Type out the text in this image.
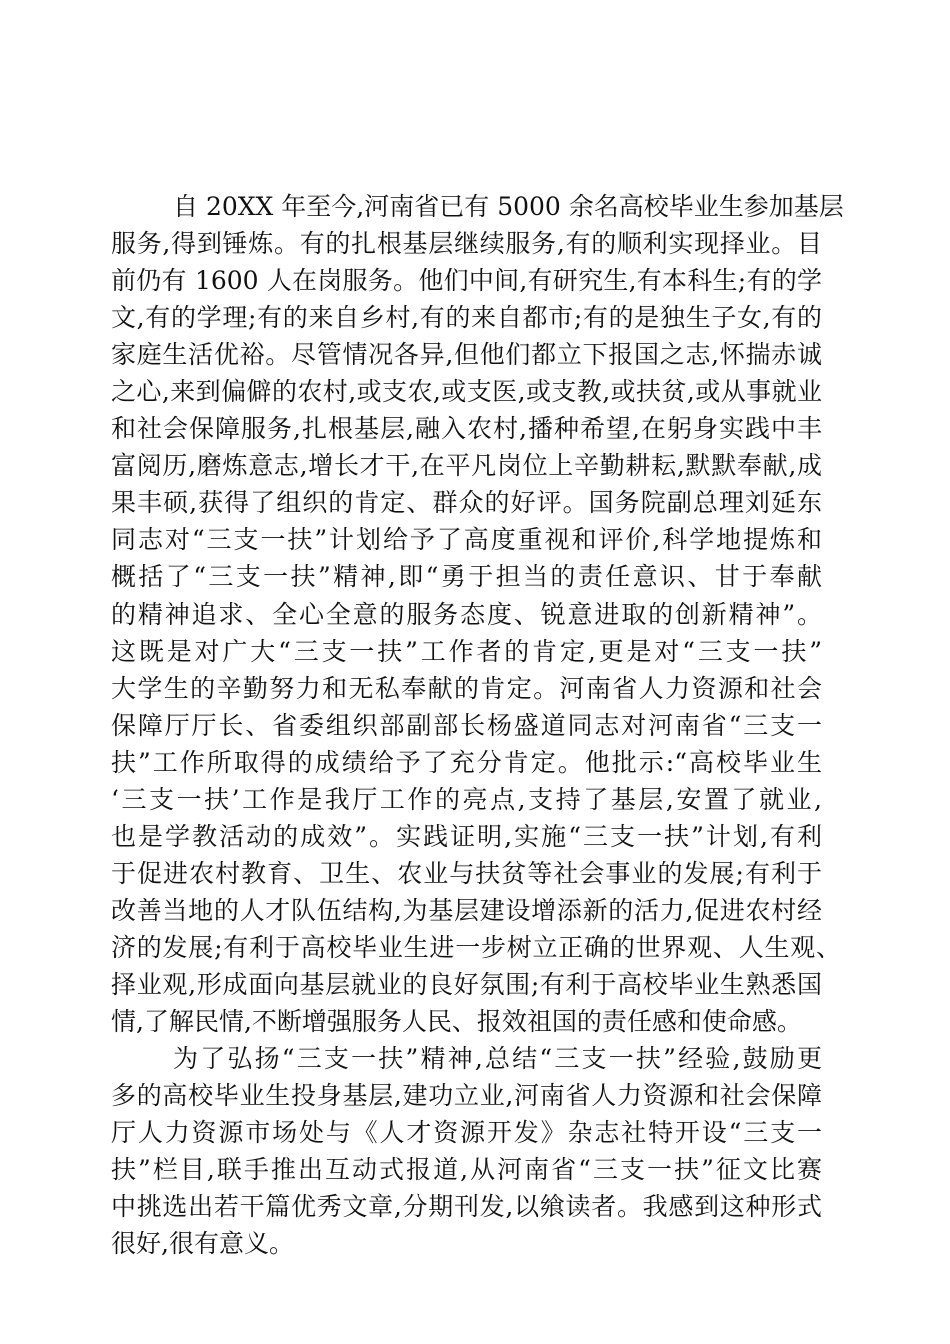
自 20XX 年至今,河南省已有 5000 余名高校毕业生参加基层
服务,得到锤炼。有的扎根基层继续服务,有的顺利实现择业。目
前仍有 1600 人在岗服务。他们中间,有研究生,有本科生;有的学
文,有的学理;有的来自乡村,有的来自都市;有的是独生子女,有的
家庭生活优裕。尽管情况各异,但他们都立下报国之志,怀揣赤诚
之心,来到偏僻的农村,或支农,或支医,或支教,或扶贫,或从事就业
和社会保障服务,扎根基层,融入农村,播种希望,在躬身实践中丰
富阅历,磨炼意志,增长才干,在平凡岗位上辛勤耕耘,默默奉献,成
果丰硕,获得了组织的肯定、群众的好评。国务院副总理刘延东
同志对“三支一扶”计划给予了高度重视和评价,科学地提炼和
概括了“三支一扶”精神,即“勇于担当的责任意识、甘于奉献
的精神追求、全心全意的服务态度、锐意进取的创新精神”。
这既是对广大“三支一扶”工作者的肯定,更是对“三支一扶”
大学生的辛勤努力和无私奉献的肯定。河南省人力资源和社会
保障厅厅长、省委组织部副部长杨盛道同志对河南省“三支一
扶”工作所取得的成绩给予了充分肯定。他批示:“高校毕业生
‘三支一扶’工作是我厅工作的亮点,支持了基层,安置了就业,
也是学教活动的成效”。实践证明,实施“三支一扶”计划,有利
于促进农村教育、卫生、农业与扶贫等社会事业的发展;有利于
改善当地的人才队伍结构,为基层建设增添新的活力,促进农村经
济的发展;有利于高校毕业生进一步树立正确的世界观、人生观、
择业观,形成面向基层就业的良好氛围;有利于高校毕业生熟悉国
情,了解民情,不断增强服务人民、报效祖国的责任感和使命感。
为了弘扬“三支一扶”精神,总结“三支一扶”经验,鼓励更
多的高校毕业生投身基层,建功立业,河南省人力资源和社会保障
厅人力资源市场处与《人才资源开发》杂志社特开设“三支一
扶”栏目,联手推出互动式报道,从河南省“三支一扶”征文比赛
中挑选出若干篇优秀文章,分期刊发,以飨读者。我感到这种形式
很好,很有意义。
